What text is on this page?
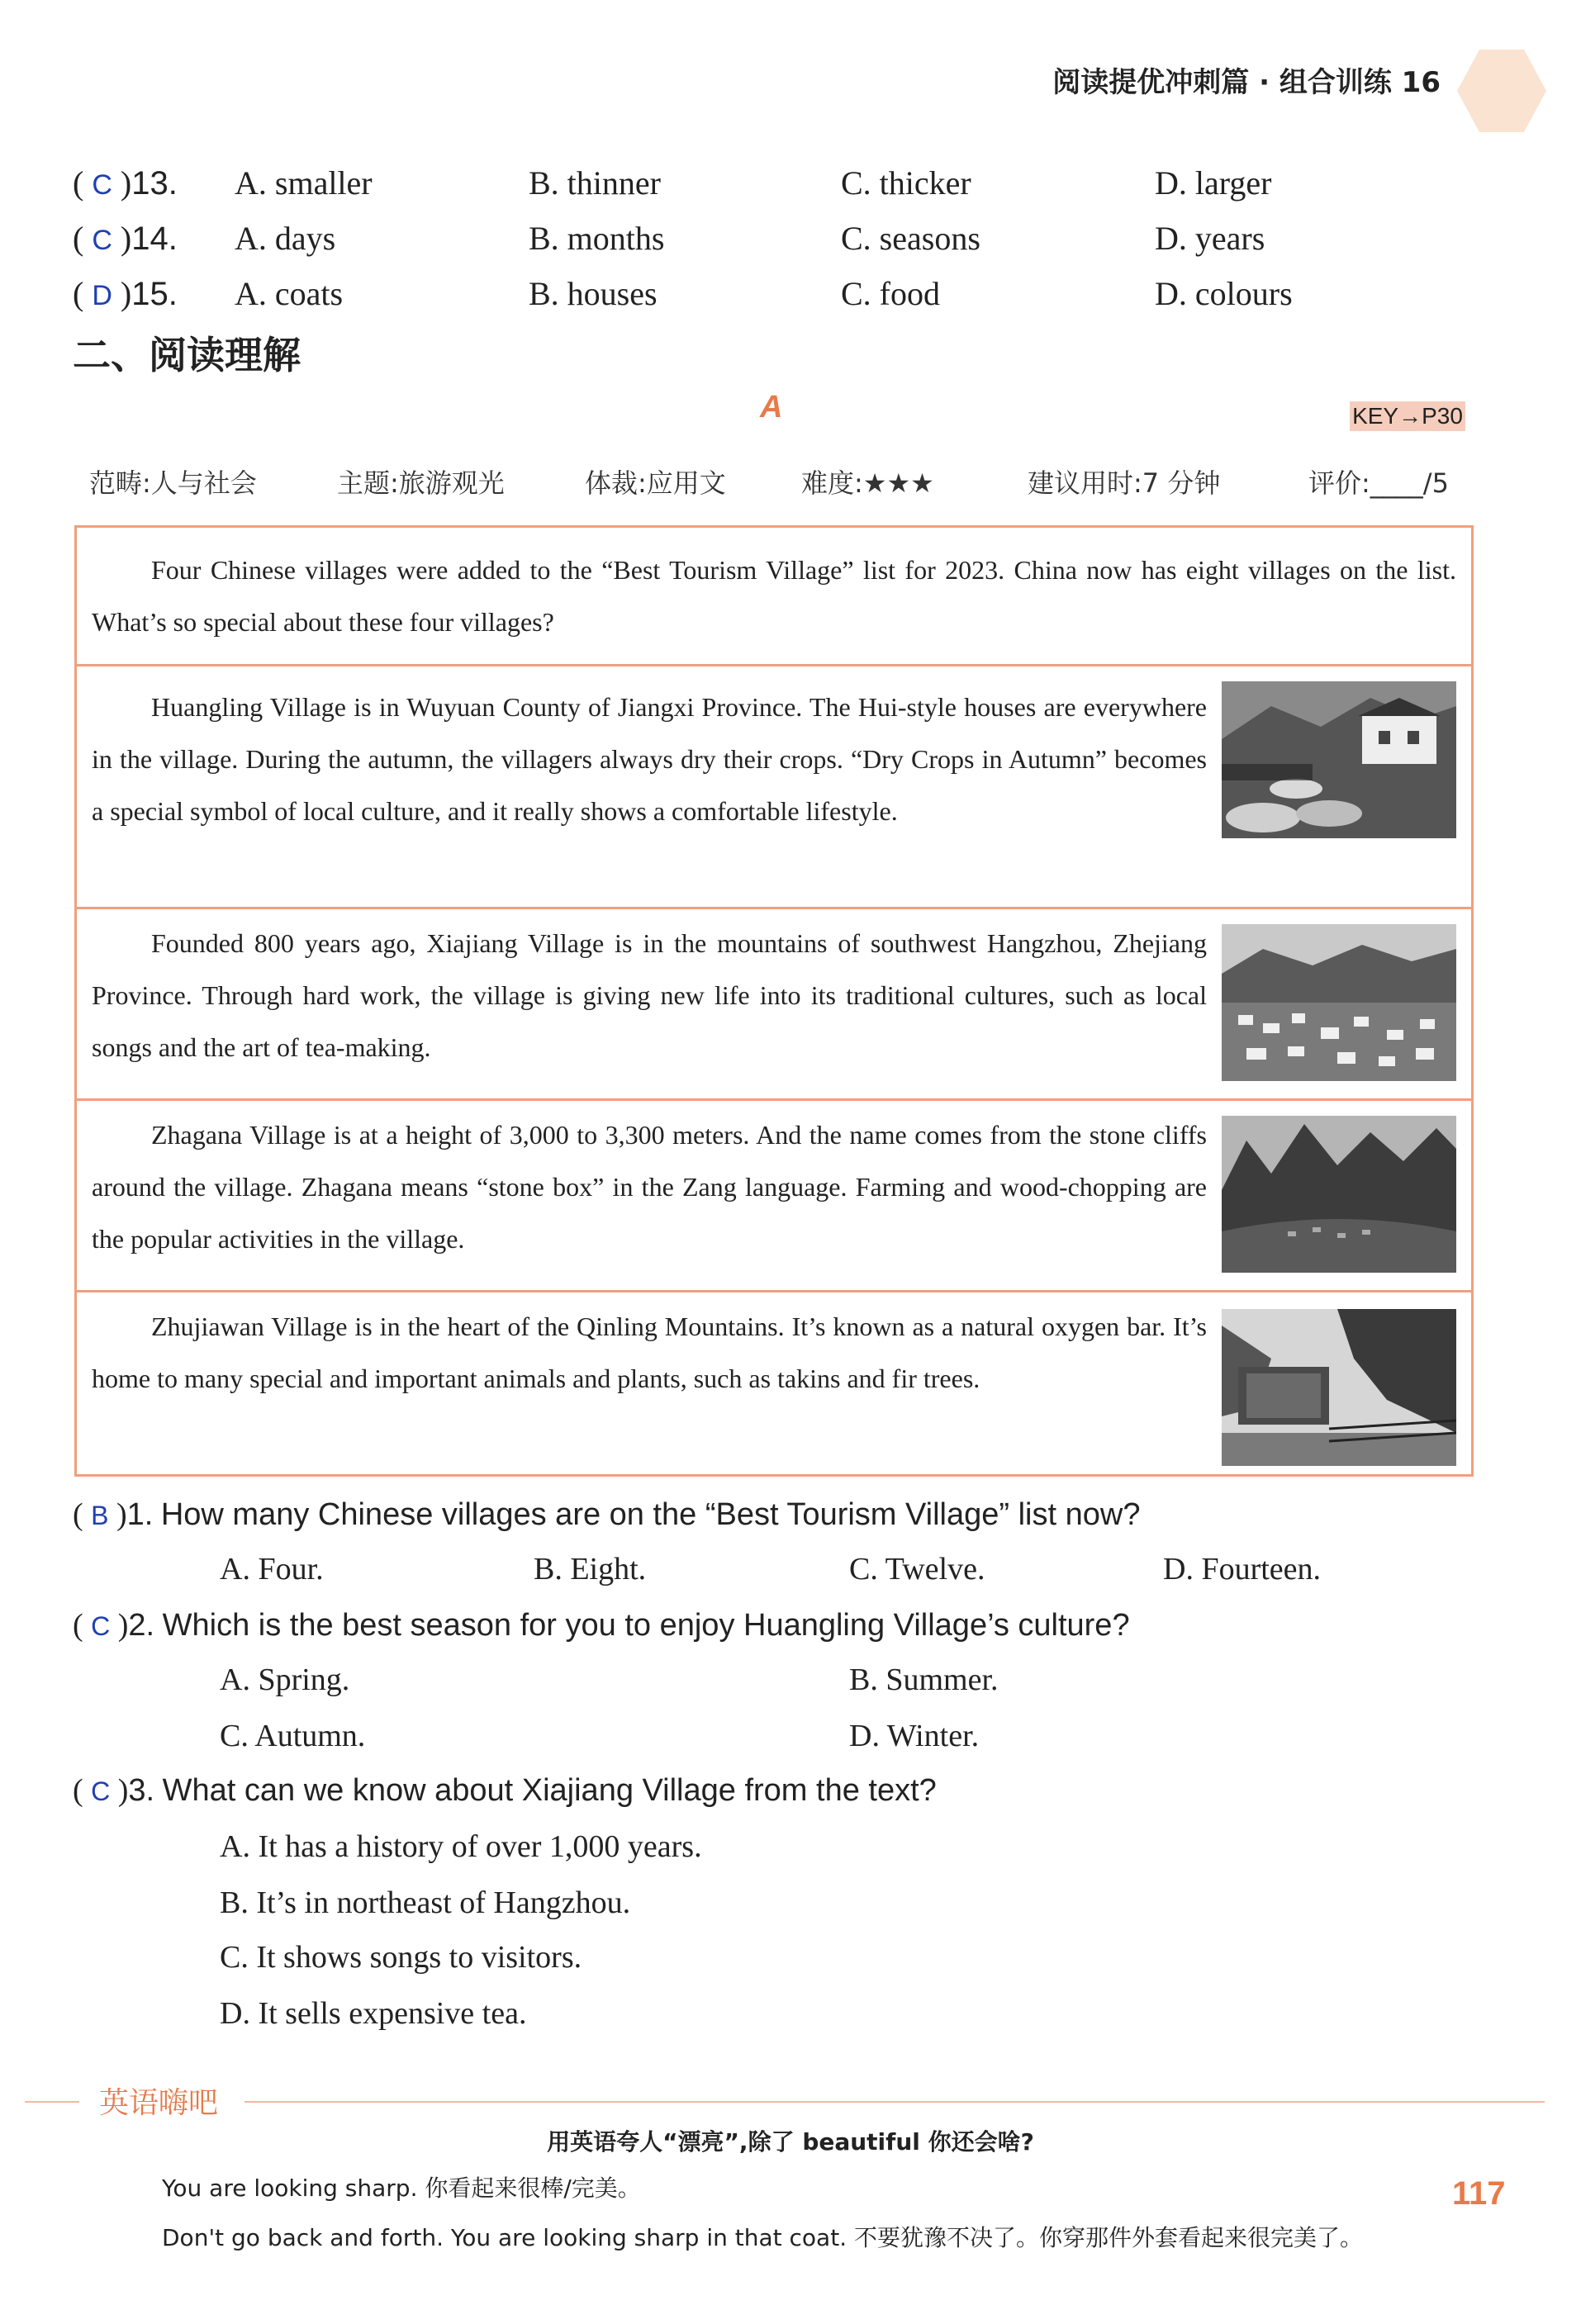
阅读提优冲刺篇 · 组合训练 16
( C )13. A. smaller	B. thinner	C. thicker	D. larger
( C )14. A. days	B. months	C. seasons	D. years
( D )15. A. coats	B. houses	C. food	D. colours
二、阅读理解
A	KEY→P30
范畴:人与社会	主题:旅游观光	体裁:应用文	难度:★★★	建议用时:7 分钟	评价:____/5
Four Chinese villages were added to the “Best Tourism Village” list for 2023. China now has eight villages on the list. What’s so special about these four villages?
Huangling Village is in Wuyuan County of Jiangxi Province. The Hui-style houses are everywhere in the village. During the autumn, the villagers always dry their crops. “Dry Crops in Autumn” becomes a special symbol of local culture, and it really shows a comfortable lifestyle.
Founded 800 years ago, Xiajiang Village is in the mountains of southwest Hangzhou, Zhejiang Province. Through hard work, the village is giving new life into its traditional cultures, such as local songs and the art of tea-making.
Zhagana Village is at a height of 3,000 to 3,300 meters. And the name comes from the stone cliffs around the village. Zhagana means “stone box” in the Zang language. Farming and wood-chopping are the popular activities in the village.
Zhujiawan Village is in the heart of the Qinling Mountains. It’s known as a natural oxygen bar. It’s home to many special and important animals and plants, such as takins and fir trees.
( B )1. How many Chinese villages are on the “Best Tourism Village” list now?
A. Four.	B. Eight.	C. Twelve.	D. Fourteen.
( C )2. Which is the best season for you to enjoy Huangling Village’s culture?
A. Spring.	B. Summer.
C. Autumn.	D. Winter.
( C )3. What can we know about Xiajiang Village from the text?
A. It has a history of over 1,000 years.
B. It’s in northeast of Hangzhou.
C. It shows songs to visitors.
D. It sells expensive tea.
英语嗨吧
用英语夸人“漂亮”,除了 beautiful 你还会啥?
You are looking sharp. 你看起来很棒/完美。
Don't go back and forth. You are looking sharp in that coat. 不要犹豫不决了。你穿那件外套看起来很完美了。
117
